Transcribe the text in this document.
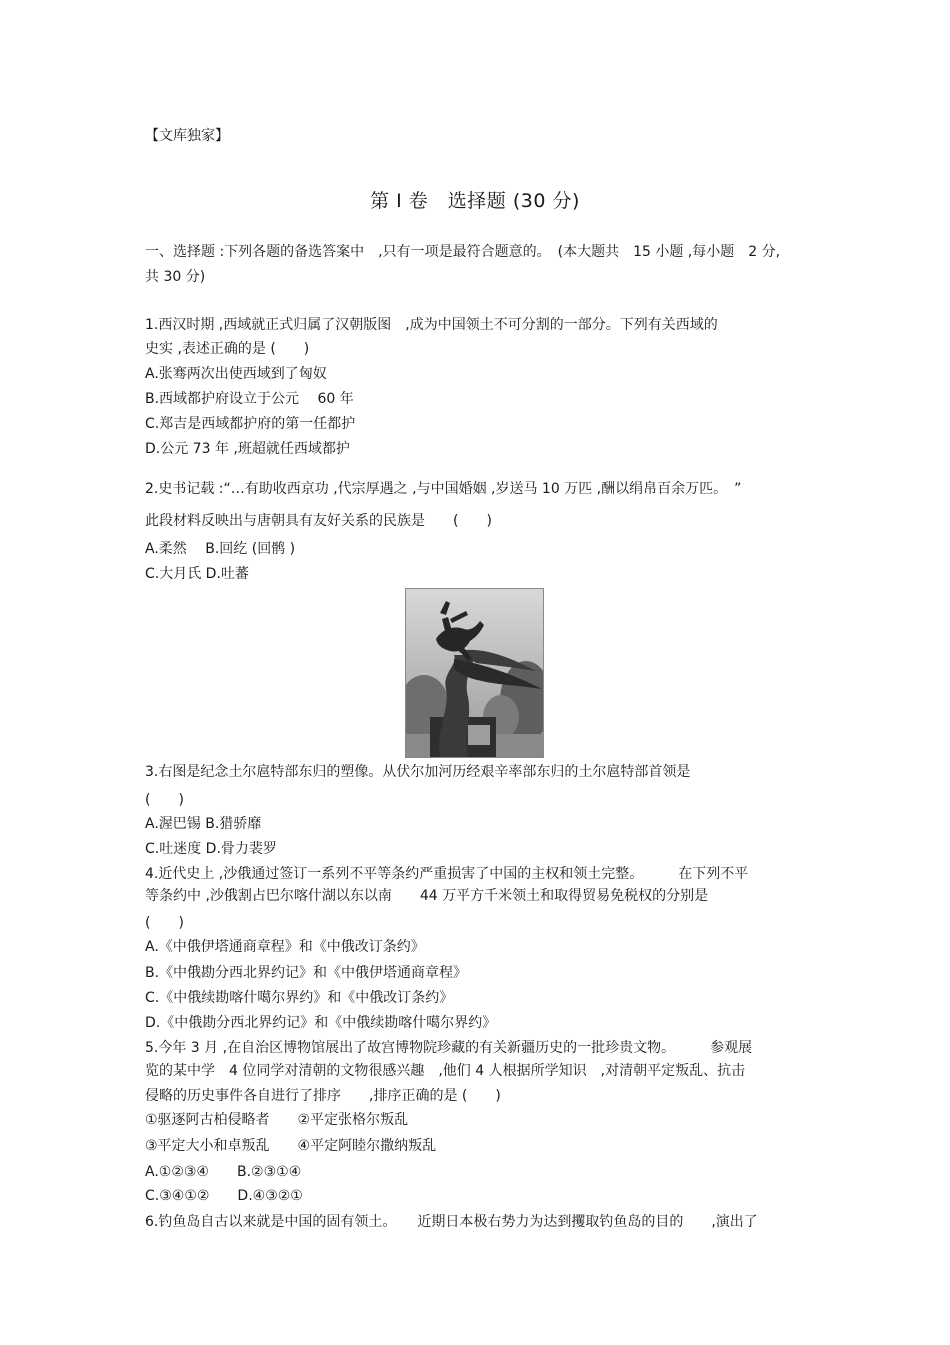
【文库独家】
第 I 卷　选择题 (30 分)
一、选择题 :下列各题的备选答案中　,只有一项是最符合题意的。　(本大题共　15 小题 ,每小题　2 分,
共 30 分)
1.西汉时期 ,西域就正式归属了汉朝版图　,成为中国领土不可分割的一部分。下列有关西域的
史实 ,表述正确的是 (　　)
A.张骞两次出使西域到了匈奴
B.西域都护府设立于公元　 60 年
C.郑吉是西域都护府的第一任都护
D.公元 73 年 ,班超就任西域都护
2.史书记载 :“…有助收西京功 ,代宗厚遇之 ,与中国婚姻 ,岁送马 10 万匹 ,酬以绢帛百余万匹。　”
此段材料反映出与唐朝具有友好关系的民族是　　(　　)
A.柔然　 B.回纥 (回鹘 )
C.大月氏 D.吐蕃
3.右图是纪念土尔扈特部东归的塑像。从伏尔加河历经艰辛率部东归的土尔扈特部首领是
(　　)
A.渥巴锡 B.猎骄靡
C.吐迷度 D.骨力裴罗
4.近代史上 ,沙俄通过签订一系列不平等条约严重损害了中国的主权和领土完整。　　　在下列不平
等条约中 ,沙俄割占巴尔喀什湖以东以南　　44 万平方千米领土和取得贸易免税权的分别是
(　　)
A.《中俄伊塔通商章程》和《中俄改订条约》
B.《中俄勘分西北界约记》和《中俄伊塔通商章程》
C.《中俄续勘喀什噶尔界约》和《中俄改订条约》
D.《中俄勘分西北界约记》和《中俄续勘喀什噶尔界约》
5.今年 3 月 ,在自治区博物馆展出了故宫博物院珍藏的有关新疆历史的一批珍贵文物。　　　参观展
览的某中学　4 位同学对清朝的文物很感兴趣　,他们 4 人根据所学知识　,对清朝平定叛乱、抗击
侵略的历史事件各自进行了排序　　,排序正确的是 (　　)
①驱逐阿古柏侵略者　　②平定张格尔叛乱
③平定大小和卓叛乱　　④平定阿睦尔撒纳叛乱
A.①②③④　　B.②③①④
C.③④①②　　D.④③②①
6.钓鱼岛自古以来就是中国的固有领土。　　近期日本极右势力为达到攫取钓鱼岛的目的　　,演出了
